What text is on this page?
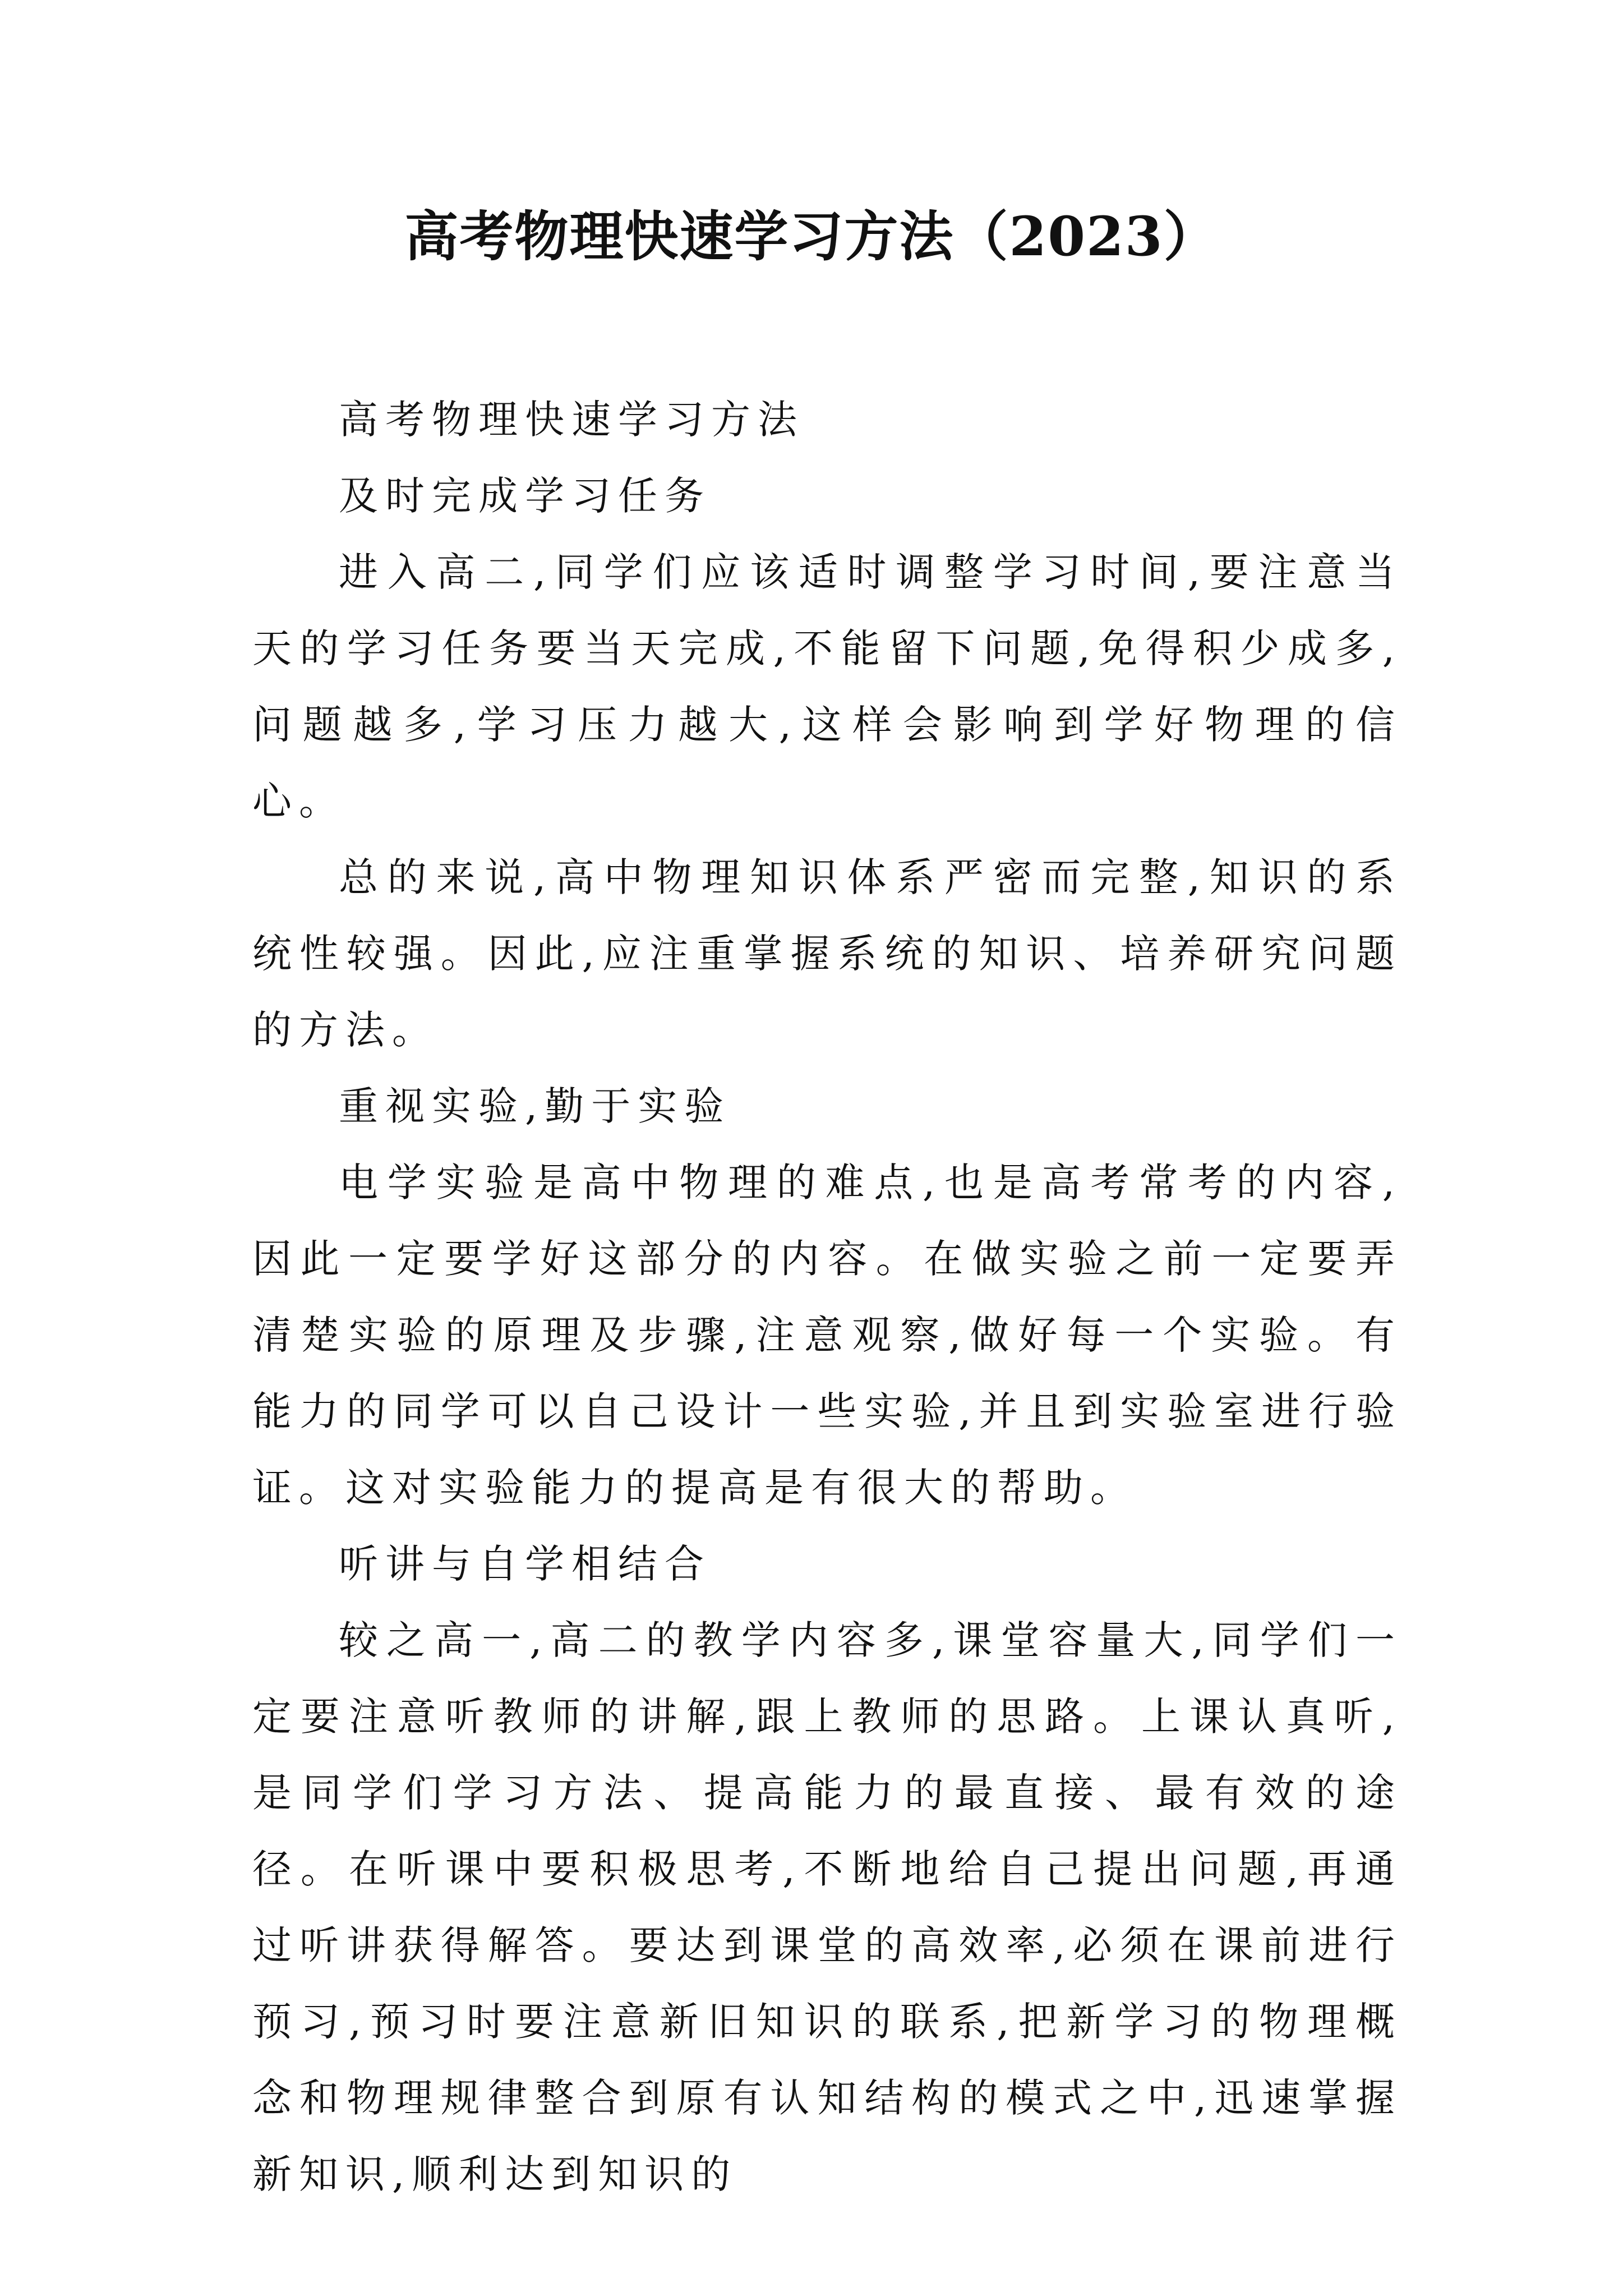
高考物理快速学习方法（2023）

高考物理快速学习方法

及时完成学习任务

进入高二,同学们应该适时调整学习时间,要注意当天的学习任务要当天完成,不能留下问题,免得积少成多,问题越多,学习压力越大,这样会影响到学好物理的信心。

总的来说,高中物理知识体系严密而完整,知识的系统性较强。因此,应注重掌握系统的知识、培养研究问题的方法。

重视实验,勤于实验

电学实验是高中物理的难点,也是高考常考的内容,因此一定要学好这部分的内容。在做实验之前一定要弄清楚实验的原理及步骤,注意观察,做好每一个实验。有能力的同学可以自己设计一些实验,并且到实验室进行验证。这对实验能力的提高是有很大的帮助。

听讲与自学相结合

较之高一,高二的教学内容多,课堂容量大,同学们一定要注意听教师的讲解,跟上教师的思路。上课认真听,是同学们学习方法、提高能力的最直接、最有效的途径。在听课中要积极思考,不断地给自己提出问题,再通过听讲获得解答。要达到课堂的高效率,必须在课前进行预习,预习时要注意新旧知识的联系,把新学习的物理概念和物理规律整合到原有认知结构的模式之中,迅速掌握新知识,顺利达到知识的
